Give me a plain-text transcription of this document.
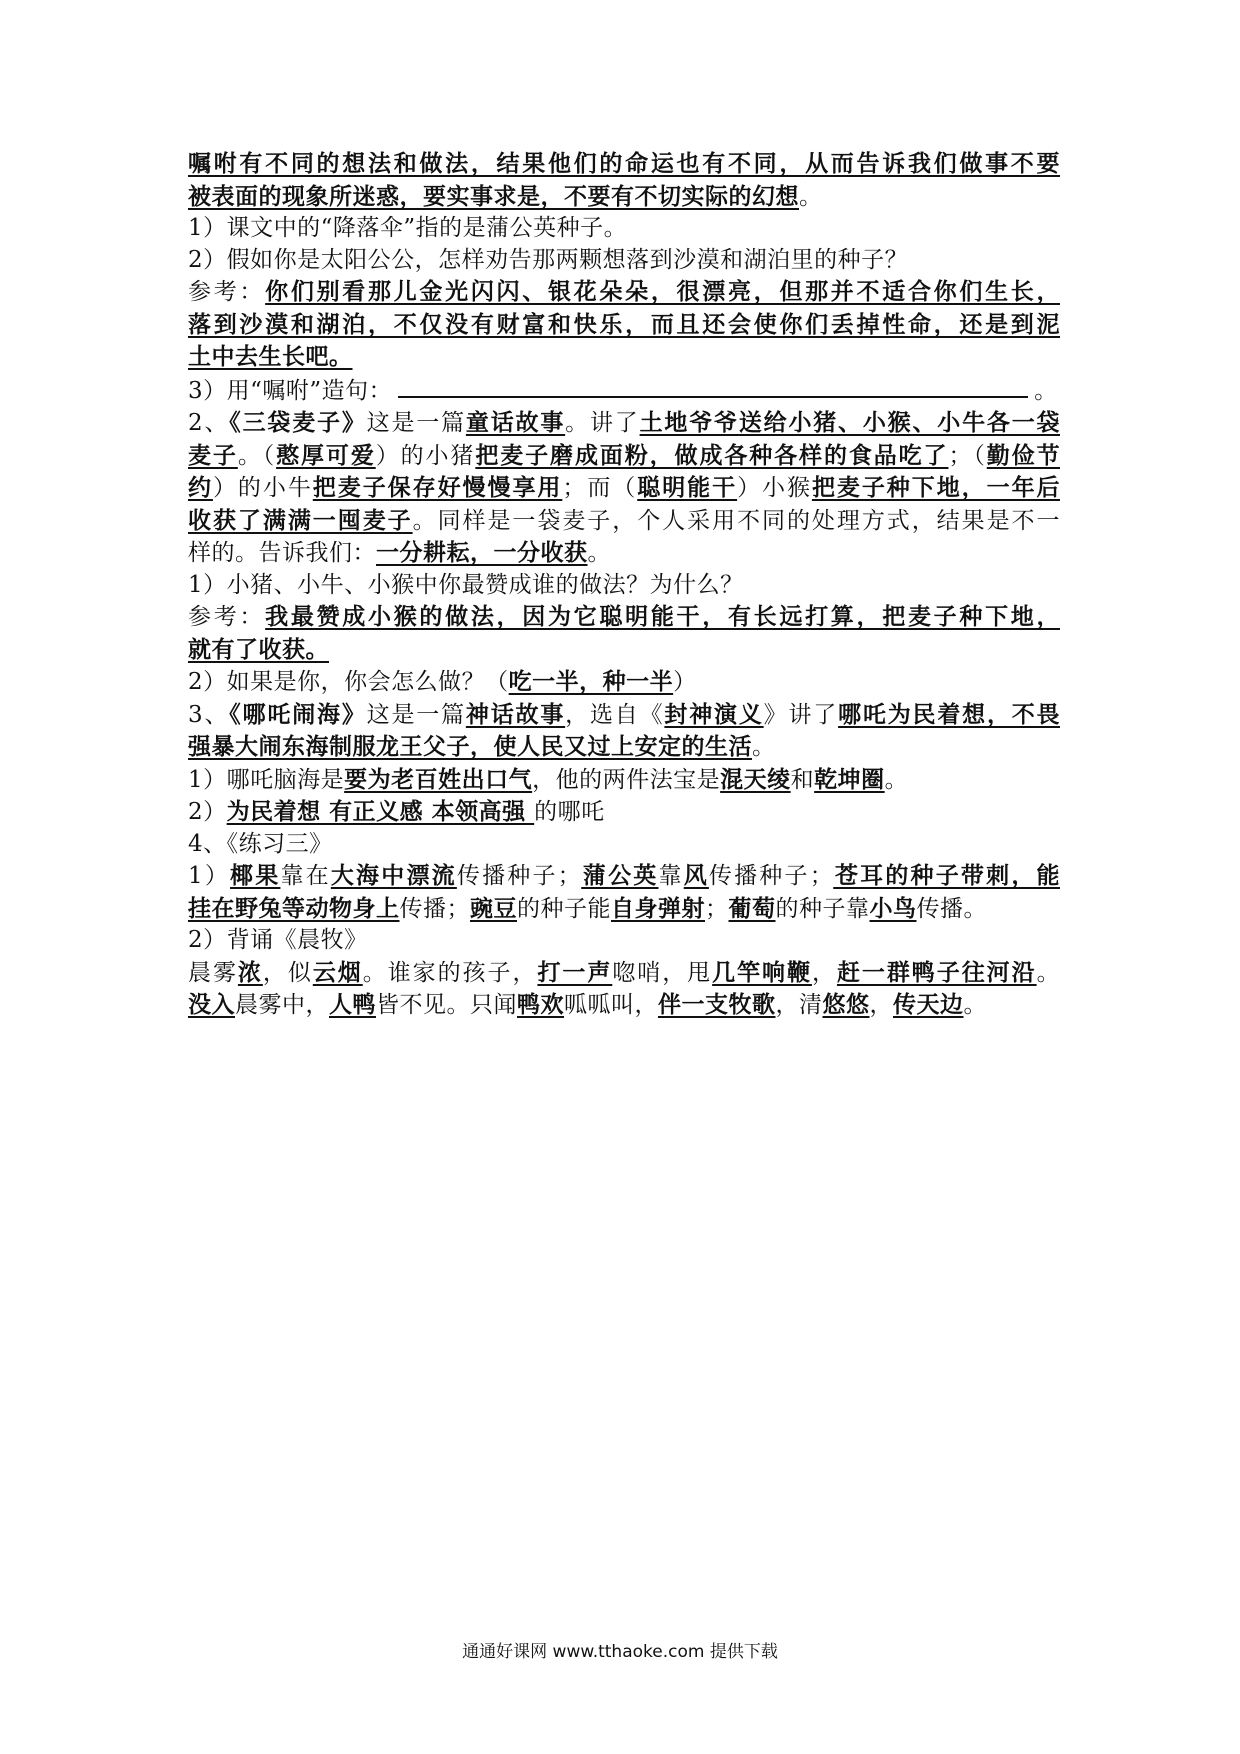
嘱咐有不同的想法和做法，结果他们的命运也有不同，从而告诉我们做事不要
被表面的现象所迷惑，要实事求是，不要有不切实际的幻想。
1）课文中的“降落伞”指的是蒲公英种子。
2）假如你是太阳公公，怎样劝告那两颗想落到沙漠和湖泊里的种子？
参考：你们别看那儿金光闪闪、银花朵朵，很漂亮，但那并不适合你们生长，
落到沙漠和湖泊，不仅没有财富和快乐，而且还会使你们丢掉性命，还是到泥
土中去生长吧。
3）用“嘱咐”造句：	。
2、《三袋麦子》这是一篇童话故事。讲了土地爷爷送给小猪、小猴、小牛各一袋
麦子。（憨厚可爱）的小猪把麦子磨成面粉，做成各种各样的食品吃了；（勤俭节
约）的小牛把麦子保存好慢慢享用；而（聪明能干）小猴把麦子种下地，一年后
收获了满满一囤麦子。同样是一袋麦子，个人采用不同的处理方式，结果是不一
样的。告诉我们：一分耕耘，一分收获。
1）小猪、小牛、小猴中你最赞成谁的做法？为什么？
参考：我最赞成小猴的做法，因为它聪明能干，有长远打算，把麦子种下地，
就有了收获。
2）如果是你，你会怎么做？（吃一半，种一半）
3、《哪吒闹海》这是一篇神话故事，选自《封神演义》讲了哪吒为民着想，不畏
强暴大闹东海制服龙王父子，使人民又过上安定的生活。
1）哪吒脑海是要为老百姓出口气，他的两件法宝是混天绫和乾坤圈。
2）为民着想 有正义感 本领高强 的哪吒
4、《练习三》
1）椰果靠在大海中漂流传播种子；蒲公英靠风传播种子；苍耳的种子带刺，能
挂在野兔等动物身上传播；豌豆的种子能自身弹射；葡萄的种子靠小鸟传播。
2）背诵《晨牧》
晨雾浓，似云烟。谁家的孩子，打一声唿哨，甩几竿响鞭，赶一群鸭子往河沿。
没入晨雾中，人鸭皆不见。只闻鸭欢呱呱叫，伴一支牧歌，清悠悠，传天边。
通通好课网 www.tthaoke.com 提供下载
